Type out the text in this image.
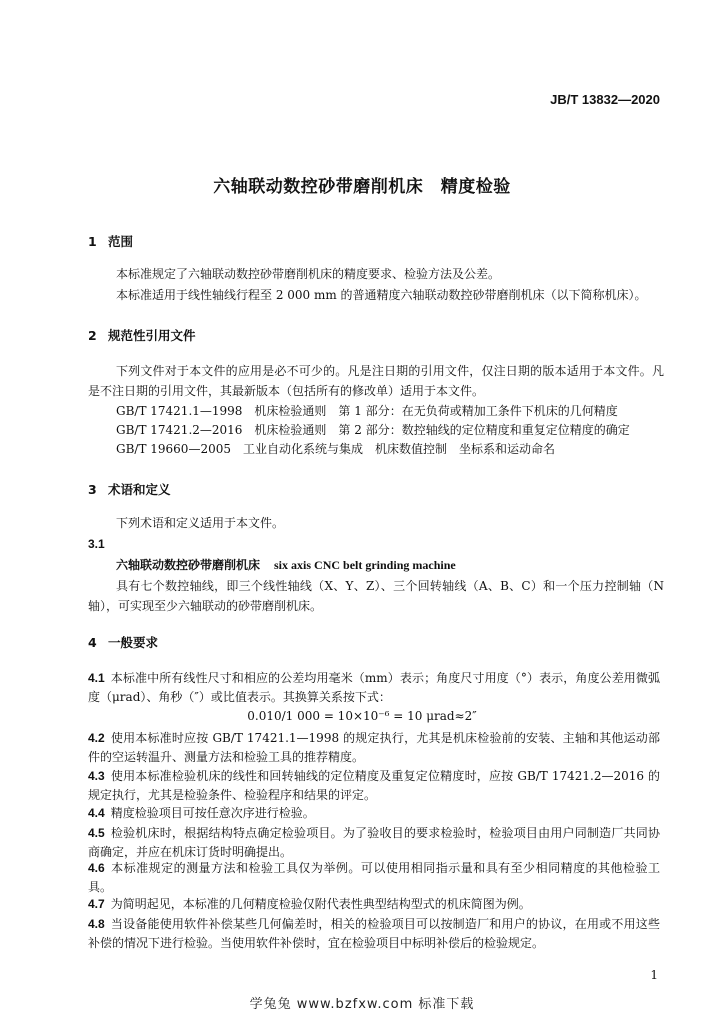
JB/T 13832—2020
六轴联动数控砂带磨削机床　精度检验
1 范围
本标准规定了六轴联动数控砂带磨削机床的精度要求、检验方法及公差。
本标准适用于线性轴线行程至 2 000 mm 的普通精度六轴联动数控砂带磨削机床（以下简称机床）。
2 规范性引用文件
下列文件对于本文件的应用是必不可少的。凡是注日期的引用文件，仅注日期的版本适用于本文件。凡是不注日期的引用文件，其最新版本（包括所有的修改单）适用于本文件。
GB/T 17421.1—1998　机床检验通则　第 1 部分：在无负荷或精加工条件下机床的几何精度
GB/T 17421.2—2016　机床检验通则　第 2 部分：数控轴线的定位精度和重复定位精度的确定
GB/T 19660—2005　工业自动化系统与集成　机床数值控制　坐标系和运动命名
3 术语和定义
下列术语和定义适用于本文件。
3.1
六轴联动数控砂带磨削机床 six axis CNC belt grinding machine
具有七个数控轴线，即三个线性轴线（X、Y、Z）、三个回转轴线（A、B、C）和一个压力控制轴（N 轴），可实现至少六轴联动的砂带磨削机床。
4 一般要求
4.1 本标准中所有线性尺寸和相应的公差均用毫米（mm）表示；角度尺寸用度（°）表示，角度公差用微弧度（μrad）、角秒（″）或比值表示。其换算关系按下式：
0.010/1 000 = 10×10⁻⁶ = 10 μrad≈2″
4.2 使用本标准时应按 GB/T 17421.1—1998 的规定执行，尤其是机床检验前的安装、主轴和其他运动部件的空运转温升、测量方法和检验工具的推荐精度。
4.3 使用本标准检验机床的线性和回转轴线的定位精度及重复定位精度时，应按 GB/T 17421.2—2016 的规定执行，尤其是检验条件、检验程序和结果的评定。
4.4 精度检验项目可按任意次序进行检验。
4.5 检验机床时，根据结构特点确定检验项目。为了验收目的要求检验时，检验项目由用户同制造厂共同协商确定，并应在机床订货时明确提出。
4.6 本标准规定的测量方法和检验工具仅为举例。可以使用相同指示量和具有至少相同精度的其他检验工具。
4.7 为简明起见，本标准的几何精度检验仅附代表性典型结构型式的机床简图为例。
4.8 当设备能使用软件补偿某些几何偏差时，相关的检验项目可以按制造厂和用户的协议，在用或不用这些补偿的情况下进行检验。当使用软件补偿时，宜在检验项目中标明补偿后的检验规定。
1
学兔兔 www.bzfxw.com 标准下载
